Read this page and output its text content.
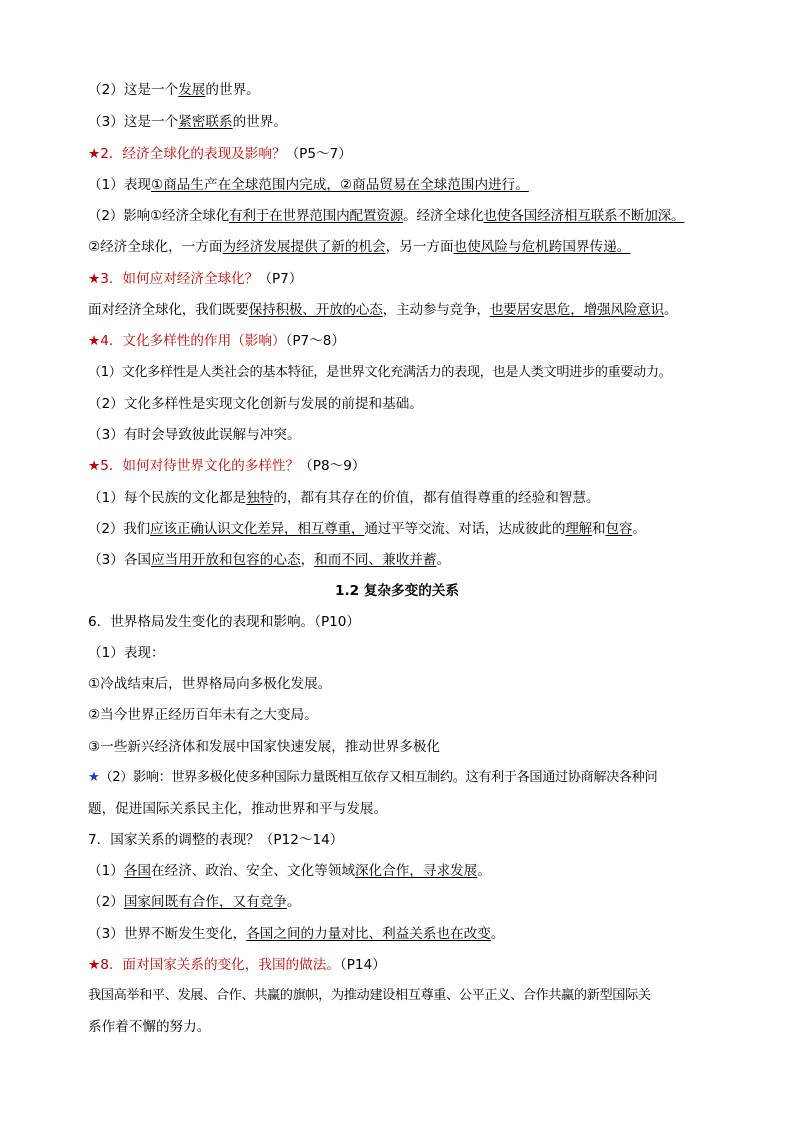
（2）这是一个发展的世界。
（3）这是一个紧密联系的世界。
★2．经济全球化的表现及影响？（P5～7）
（1）表现①商品生产在全球范围内完成，②商品贸易在全球范围内进行。
（2）影响①经济全球化有利于在世界范围内配置资源。经济全球化也使各国经济相互联系不断加深。
②经济全球化，一方面为经济发展提供了新的机会，另一方面也使风险与危机跨国界传递。
★3．如何应对经济全球化？（P7）
面对经济全球化，我们既要保持积极、开放的心态，主动参与竞争，也要居安思危，增强风险意识。
★4．文化多样性的作用（影响）（P7～8）
（1）文化多样性是人类社会的基本特征，是世界文化充满活力的表现，也是人类文明进步的重要动力。
（2）文化多样性是实现文化创新与发展的前提和基础。
（3）有时会导致彼此误解与冲突。
★5．如何对待世界文化的多样性？（P8～9）
（1）每个民族的文化都是独特的，都有其存在的价值，都有值得尊重的经验和智慧。
（2）我们应该正确认识文化差异，相互尊重，通过平等交流、对话，达成彼此的理解和包容。
（3）各国应当用开放和包容的心态，和而不同、兼收并蓄。
1.2 复杂多变的关系
6．世界格局发生变化的表现和影响。（P10）
（1）表现：
①冷战结束后，世界格局向多极化发展。
②当今世界正经历百年未有之大变局。
③一些新兴经济体和发展中国家快速发展，推动世界多极化
★（2）影响：世界多极化使多种国际力量既相互依存又相互制约。这有利于各国通过协商解决各种问
题，促进国际关系民主化，推动世界和平与发展。
7．国家关系的调整的表现？（P12～14）
（1）各国在经济、政治、安全、文化等领域深化合作，寻求发展。
（2）国家间既有合作，又有竞争。
（3）世界不断发生变化，各国之间的力量对比、利益关系也在改变。
★8．面对国家关系的变化，我国的做法。（P14）
我国高举和平、发展、合作、共赢的旗帜，为推动建设相互尊重、公平正义、合作共赢的新型国际关
系作着不懈的努力。
